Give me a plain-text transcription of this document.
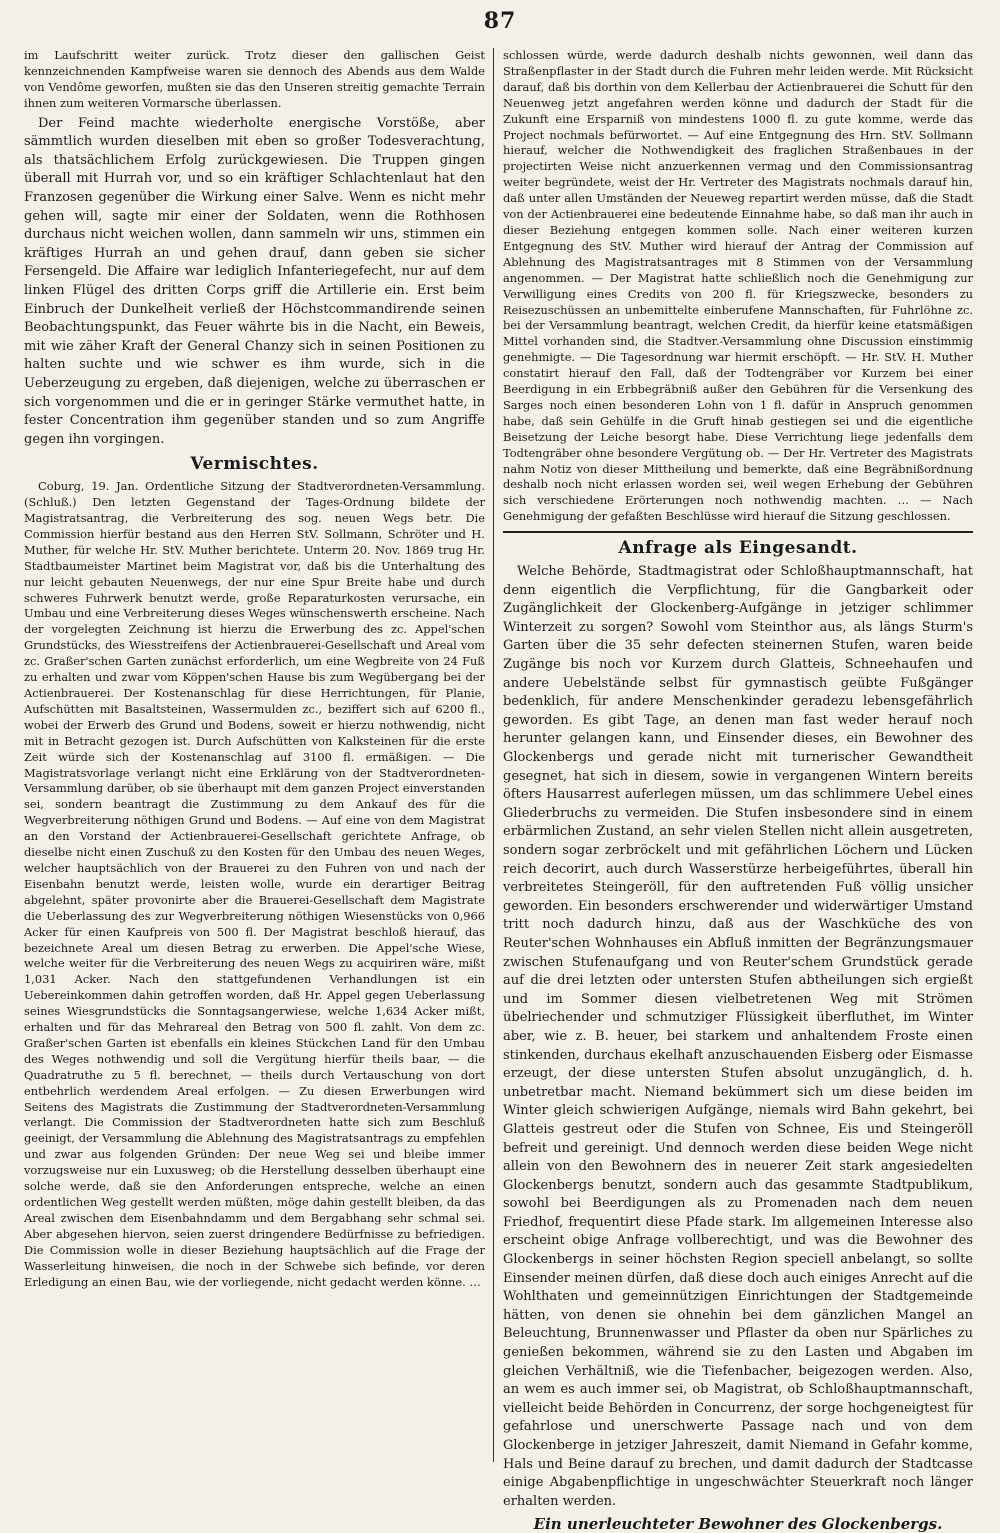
87

im Laufschritt weiter zurück. Trotz dieser den gallischen Geist kennzeichnenden Kampfweise waren sie dennoch des Abends aus dem Walde von Vendôme geworfen, mußten sie das den Unseren streitig gemachte Terrain ihnen zum weiteren Vormarsche überlassen.

Der Feind machte wiederholte energische Vorstöße, aber sämmtlich wurden dieselben mit eben so großer Todesverachtung, als thatsächlichem Erfolg zurückgewiesen. Die Truppen gingen überall mit Hurrah vor, und so ein kräftiger Schlachtenlaut hat den Franzosen gegenüber die Wirkung einer Salve. Wenn es nicht mehr gehen will, sagte mir einer der Soldaten, wenn die Rothhosen durchaus nicht weichen wollen, dann sammeln wir uns, stimmen ein kräftiges Hurrah an und gehen drauf, dann geben sie sicher Fersengeld. Die Affaire war lediglich Infanteriegefecht, nur auf dem linken Flügel des dritten Corps griff die Artillerie ein. Erst beim Einbruch der Dunkelheit verließ der Höchstcommandirende seinen Beobachtungspunkt, das Feuer währte bis in die Nacht, ein Beweis, mit wie zäher Kraft der General Chanzy sich in seinen Positionen zu halten suchte und wie schwer es ihm wurde, sich in die Ueberzeugung zu ergeben, daß diejenigen, welche zu überraschen er sich vorgenommen und die er in geringer Stärke vermuthet hatte, in fester Concentration ihm gegenüber standen und so zum Angriffe gegen ihn vorgingen.

Vermischtes.

Coburg, 19. Jan. Ordentliche Sitzung der Stadtverordneten-Versammlung. (Schluß.) Den letzten Gegenstand der Tages-Ordnung bildete der Magistratsantrag, die Verbreiterung des sog. neuen Wegs betr. Die Commission hierfür bestand aus den Herren StV. Sollmann, Schröter und H. Muther, für welche Hr. StV. Muther berichtete. Unterm 20. Nov. 1869 trug Hr. Stadtbaumeister Martinet beim Magistrat vor, daß bis die Unterhaltung des nur leicht gebauten Neuenwegs, der nur eine Spur Breite habe und durch schweres Fuhrwerk benutzt werde, große Reparaturkosten verursache, ein Umbau und eine Verbreiterung dieses Weges wünschenswerth erscheine. Nach der vorgelegten Zeichnung ist hierzu die Erwerbung des zc. Appel'schen Grundstücks, des Wiesstreifens der Actienbrauerei-Gesellschaft und Areal vom zc. Graßer'schen Garten zunächst erforderlich, um eine Wegbreite von 24 Fuß zu erhalten und zwar vom Köppen'schen Hause bis zum Wegübergang bei der Actienbrauerei. Der Kostenanschlag für diese Herrichtungen, für Planie, Aufschütten mit Basaltsteinen, Wassermulden zc., beziffert sich auf 6200 fl., wobei der Erwerb des Grund und Bodens, soweit er hierzu nothwendig, nicht mit in Betracht gezogen ist. Durch Aufschütten von Kalksteinen für die erste Zeit würde sich der Kostenanschlag auf 3100 fl. ermäßigen. — Die Magistratsvorlage verlangt nicht eine Erklärung von der Stadtverordneten-Versammlung darüber, ob sie überhaupt mit dem ganzen Project einverstanden sei, sondern beantragt die Zustimmung zu dem Ankauf des für die Wegverbreiterung nöthigen Grund und Bodens. — Auf eine von dem Magistrat an den Vorstand der Actienbrauerei-Gesellschaft gerichtete Anfrage, ob dieselbe nicht einen Zuschuß zu den Kosten für den Umbau des neuen Weges, welcher hauptsächlich von der Brauerei zu den Fuhren von und nach der Eisenbahn benutzt werde, leisten wolle, wurde ein derartiger Beitrag abgelehnt, später provonirte aber die Brauerei-Gesellschaft dem Magistrate die Ueberlassung des zur Wegverbreiterung nöthigen Wiesenstücks von 0,966 Acker für einen Kaufpreis von 500 fl. Der Magistrat beschloß hierauf, das bezeichnete Areal um diesen Betrag zu erwerben. Die Appel'sche Wiese, welche weiter für die Verbreiterung des neuen Wegs zu acquiriren wäre, mißt 1,031 Acker. Nach den stattgefundenen Verhandlungen ist ein Uebereinkommen dahin getroffen worden, daß Hr. Appel gegen Ueberlassung seines Wiesgrundstücks die Sonntagsangerwiese, welche 1,634 Acker mißt, erhalten und für das Mehrareal den Betrag von 500 fl. zahlt. Von dem zc. Graßer'schen Garten ist ebenfalls ein kleines Stückchen Land für den Umbau des Weges nothwendig und soll die Vergütung hierfür theils baar, — die Quadratruthe zu 5 fl. berechnet, — theils durch Vertauschung von dort entbehrlich werdendem Areal erfolgen. — Zu diesen Erwerbungen wird Seitens des Magistrats die Zustimmung der Stadtverordneten-Versammlung verlangt. Die Commission der Stadtverordneten hatte sich zum Beschluß geeinigt, der Versammlung die Ablehnung des Magistratsantrags zu empfehlen und zwar aus folgenden Gründen: Der neue Weg sei und bleibe immer vorzugsweise nur ein Luxusweg; ob die Herstellung desselben überhaupt eine solche werde, daß sie den Anforderungen entspreche, welche an einen ordentlichen Weg gestellt werden müßten, möge dahin gestellt bleiben, da das Areal zwischen dem Eisenbahndamm und dem Bergabhang sehr schmal sei. Aber abgesehen hiervon, seien zuerst dringendere Bedürfnisse zu befriedigen. Die Commission wolle in dieser Beziehung hauptsächlich auf die Frage der Wasserleitung hinweisen, die noch in der Schwebe sich befinde, vor deren Erledigung an einen Bau, wie der vorliegende, nicht gedacht werden könne. …

schlossen würde, werde dadurch deshalb nichts gewonnen, weil dann das Straßenpflaster in der Stadt durch die Fuhren mehr leiden werde. Mit Rücksicht darauf, daß bis dorthin von dem Kellerbau der Actienbrauerei die Schutt für den Neuenweg jetzt angefahren werden könne und dadurch der Stadt für die Zukunft eine Ersparniß von mindestens 1000 fl. zu gute komme, werde das Project nochmals befürwortet. — Auf eine Entgegnung des Hrn. StV. Sollmann hierauf, welcher die Nothwendigkeit des fraglichen Straßenbaues in der projectirten Weise nicht anzuerkennen vermag und den Commissionsantrag weiter begründete, weist der Hr. Vertreter des Magistrats nochmals darauf hin, daß unter allen Umständen der Neueweg repartirt werden müsse, daß die Stadt von der Actienbrauerei eine bedeutende Einnahme habe, so daß man ihr auch in dieser Beziehung entgegen kommen solle. Nach einer weiteren kurzen Entgegnung des StV. Muther wird hierauf der Antrag der Commission auf Ablehnung des Magistratsantrages mit 8 Stimmen von der Versammlung angenommen. — Der Magistrat hatte schließlich noch die Genehmigung zur Verwilligung eines Credits von 200 fl. für Kriegszwecke, besonders zu Reisezuschüssen an unbemittelte einberufene Mannschaften, für Fuhrlöhne zc. bei der Versammlung beantragt, welchen Credit, da hierfür keine etatsmäßigen Mittel vorhanden sind, die Stadtver.-Versammlung ohne Discussion einstimmig genehmigte. — Die Tagesordnung war hiermit erschöpft. — Hr. StV. H. Muther constatirt hierauf den Fall, daß der Todtengräber vor Kurzem bei einer Beerdigung in ein Erbbegräbniß außer den Gebühren für die Versenkung des Sarges noch einen besonderen Lohn von 1 fl. dafür in Anspruch genommen habe, daß sein Gehülfe in die Gruft hinab gestiegen sei und die eigentliche Beisetzung der Leiche besorgt habe. Diese Verrichtung liege jedenfalls dem Todtengräber ohne besondere Vergütung ob. — Der Hr. Vertreter des Magistrats nahm Notiz von dieser Mittheilung und bemerkte, daß eine Begräbnißordnung deshalb noch nicht erlassen worden sei, weil wegen Erhebung der Gebühren sich verschiedene Erörterungen noch nothwendig machten. … — Nach Genehmigung der gefaßten Beschlüsse wird hierauf die Sitzung geschlossen.

Anfrage als Eingesandt.

Welche Behörde, Stadtmagistrat oder Schloßhauptmannschaft, hat denn eigentlich die Verpflichtung, für die Gangbarkeit oder Zugänglichkeit der Glockenberg-Aufgänge in jetziger schlimmer Winterzeit zu sorgen? Sowohl vom Steinthor aus, als längs Sturm's Garten über die 35 sehr defecten steinernen Stufen, waren beide Zugänge bis noch vor Kurzem durch Glatteis, Schneehaufen und andere Uebelstände selbst für gymnastisch geübte Fußgänger bedenklich, für andere Menschenkinder geradezu lebensgefährlich geworden. Es gibt Tage, an denen man fast weder herauf noch herunter gelangen kann, und Einsender dieses, ein Bewohner des Glockenbergs und gerade nicht mit turnerischer Gewandtheit gesegnet, hat sich in diesem, sowie in vergangenen Wintern bereits öfters Hausarrest auferlegen müssen, um das schlimmere Uebel eines Gliederbruchs zu vermeiden. Die Stufen insbesondere sind in einem erbärmlichen Zustand, an sehr vielen Stellen nicht allein ausgetreten, sondern sogar zerbröckelt und mit gefährlichen Löchern und Lücken reich decorirt, auch durch Wasserstürze herbeigeführtes, überall hin verbreitetes Steingeröll, für den auftretenden Fuß völlig unsicher geworden. Ein besonders erschwerender und widerwärtiger Umstand tritt noch dadurch hinzu, daß aus der Waschküche des von Reuter'schen Wohnhauses ein Abfluß inmitten der Begränzungsmauer zwischen Stufenaufgang und von Reuter'schem Grundstück gerade auf die drei letzten oder untersten Stufen abtheilungen sich ergießt und im Sommer diesen vielbetretenen Weg mit Strömen übelriechender und schmutziger Flüssigkeit überfluthet, im Winter aber, wie z. B. heuer, bei starkem und anhaltendem Froste einen stinkenden, durchaus ekelhaft anzuschauenden Eisberg oder Eismasse erzeugt, der diese untersten Stufen absolut unzugänglich, d. h. unbetretbar macht. Niemand bekümmert sich um diese beiden im Winter gleich schwierigen Aufgänge, niemals wird Bahn gekehrt, bei Glatteis gestreut oder die Stufen von Schnee, Eis und Steingeröll befreit und gereinigt. Und dennoch werden diese beiden Wege nicht allein von den Bewohnern des in neuerer Zeit stark angesiedelten Glockenbergs benutzt, sondern auch das gesammte Stadtpublikum, sowohl bei Beerdigungen als zu Promenaden nach dem neuen Friedhof, frequentirt diese Pfade stark. Im allgemeinen Interesse also erscheint obige Anfrage vollberechtigt, und was die Bewohner des Glockenbergs in seiner höchsten Region speciell anbelangt, so sollte Einsender meinen dürfen, daß diese doch auch einiges Anrecht auf die Wohlthaten und gemeinnützigen Einrichtungen der Stadtgemeinde hätten, von denen sie ohnehin bei dem gänzlichen Mangel an Beleuchtung, Brunnenwasser und Pflaster da oben nur Spärliches zu genießen bekommen, während sie zu den Lasten und Abgaben im gleichen Verhältniß, wie die Tiefenbacher, beigezogen werden. Also, an wem es auch immer sei, ob Magistrat, ob Schloßhauptmannschaft, vielleicht beide Behörden in Concurrenz, der sorge hochgeneigtest für gefahrlose und unerschwerte Passage nach und von dem Glockenberge in jetziger Jahreszeit, damit Niemand in Gefahr komme, Hals und Beine darauf zu brechen, und damit dadurch der Stadtcasse einige Abgabenpflichtige in ungeschwächter Steuerkraft noch länger erhalten werden.

Ein unerleuchteter Bewohner des Glockenbergs.
